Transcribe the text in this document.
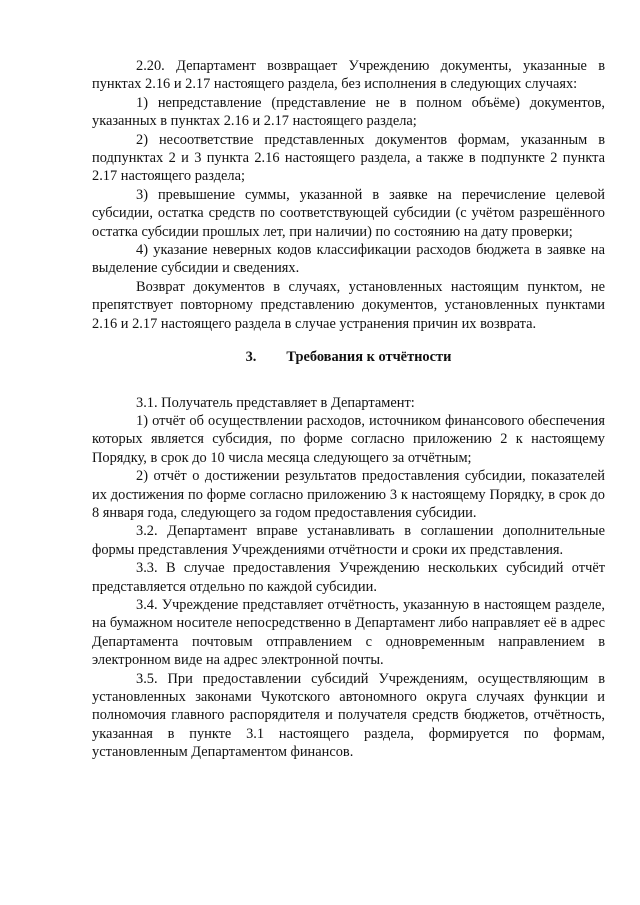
2.20. Департамент возвращает Учреждению документы, указанные в пунктах 2.16 и 2.17 настоящего раздела, без исполнения в следующих случаях:

1) непредставление (представление не в полном объёме) документов, указанных в пунктах 2.16 и 2.17 настоящего раздела;

2) несоответствие представленных документов формам, указанным в подпунктах 2 и 3 пункта 2.16 настоящего раздела, а также в подпункте 2 пункта 2.17 настоящего раздела;

3) превышение суммы, указанной в заявке на перечисление целевой субсидии, остатка средств по соответствующей субсидии (с учётом разрешённого остатка субсидии прошлых лет, при наличии) по состоянию на дату проверки;

4) указание неверных кодов классификации расходов бюджета в заявке на выделение субсидии и сведениях.

Возврат документов в случаях, установленных настоящим пунктом, не препятствует повторному представлению документов, установленных пунктами 2.16 и 2.17 настоящего раздела в случае устранения причин их возврата.

3. Требования к отчётности

3.1. Получатель представляет в Департамент:

1) отчёт об осуществлении расходов, источником финансового обеспечения которых является субсидия, по форме согласно приложению 2 к настоящему Порядку, в срок до 10 числа месяца следующего за отчётным;

2) отчёт о достижении результатов предоставления субсидии, показателей их достижения по форме согласно приложению 3 к настоящему Порядку, в срок до 8 января года, следующего за годом предоставления субсидии.

3.2. Департамент вправе устанавливать в соглашении дополнительные формы представления Учреждениями отчётности и сроки их представления.

3.3. В случае предоставления Учреждению нескольких субсидий отчёт представляется отдельно по каждой субсидии.

3.4. Учреждение представляет отчётность, указанную в настоящем разделе, на бумажном носителе непосредственно в Департамент либо направляет её в адрес Департамента почтовым отправлением с одновременным направлением в электронном виде на адрес электронной почты.

3.5. При предоставлении субсидий Учреждениям, осуществляющим в установленных законами Чукотского автономного округа случаях функции и полномочия главного распорядителя и получателя средств бюджетов, отчётность, указанная в пункте 3.1 настоящего раздела, формируется по формам, установленным Департаментом финансов.
